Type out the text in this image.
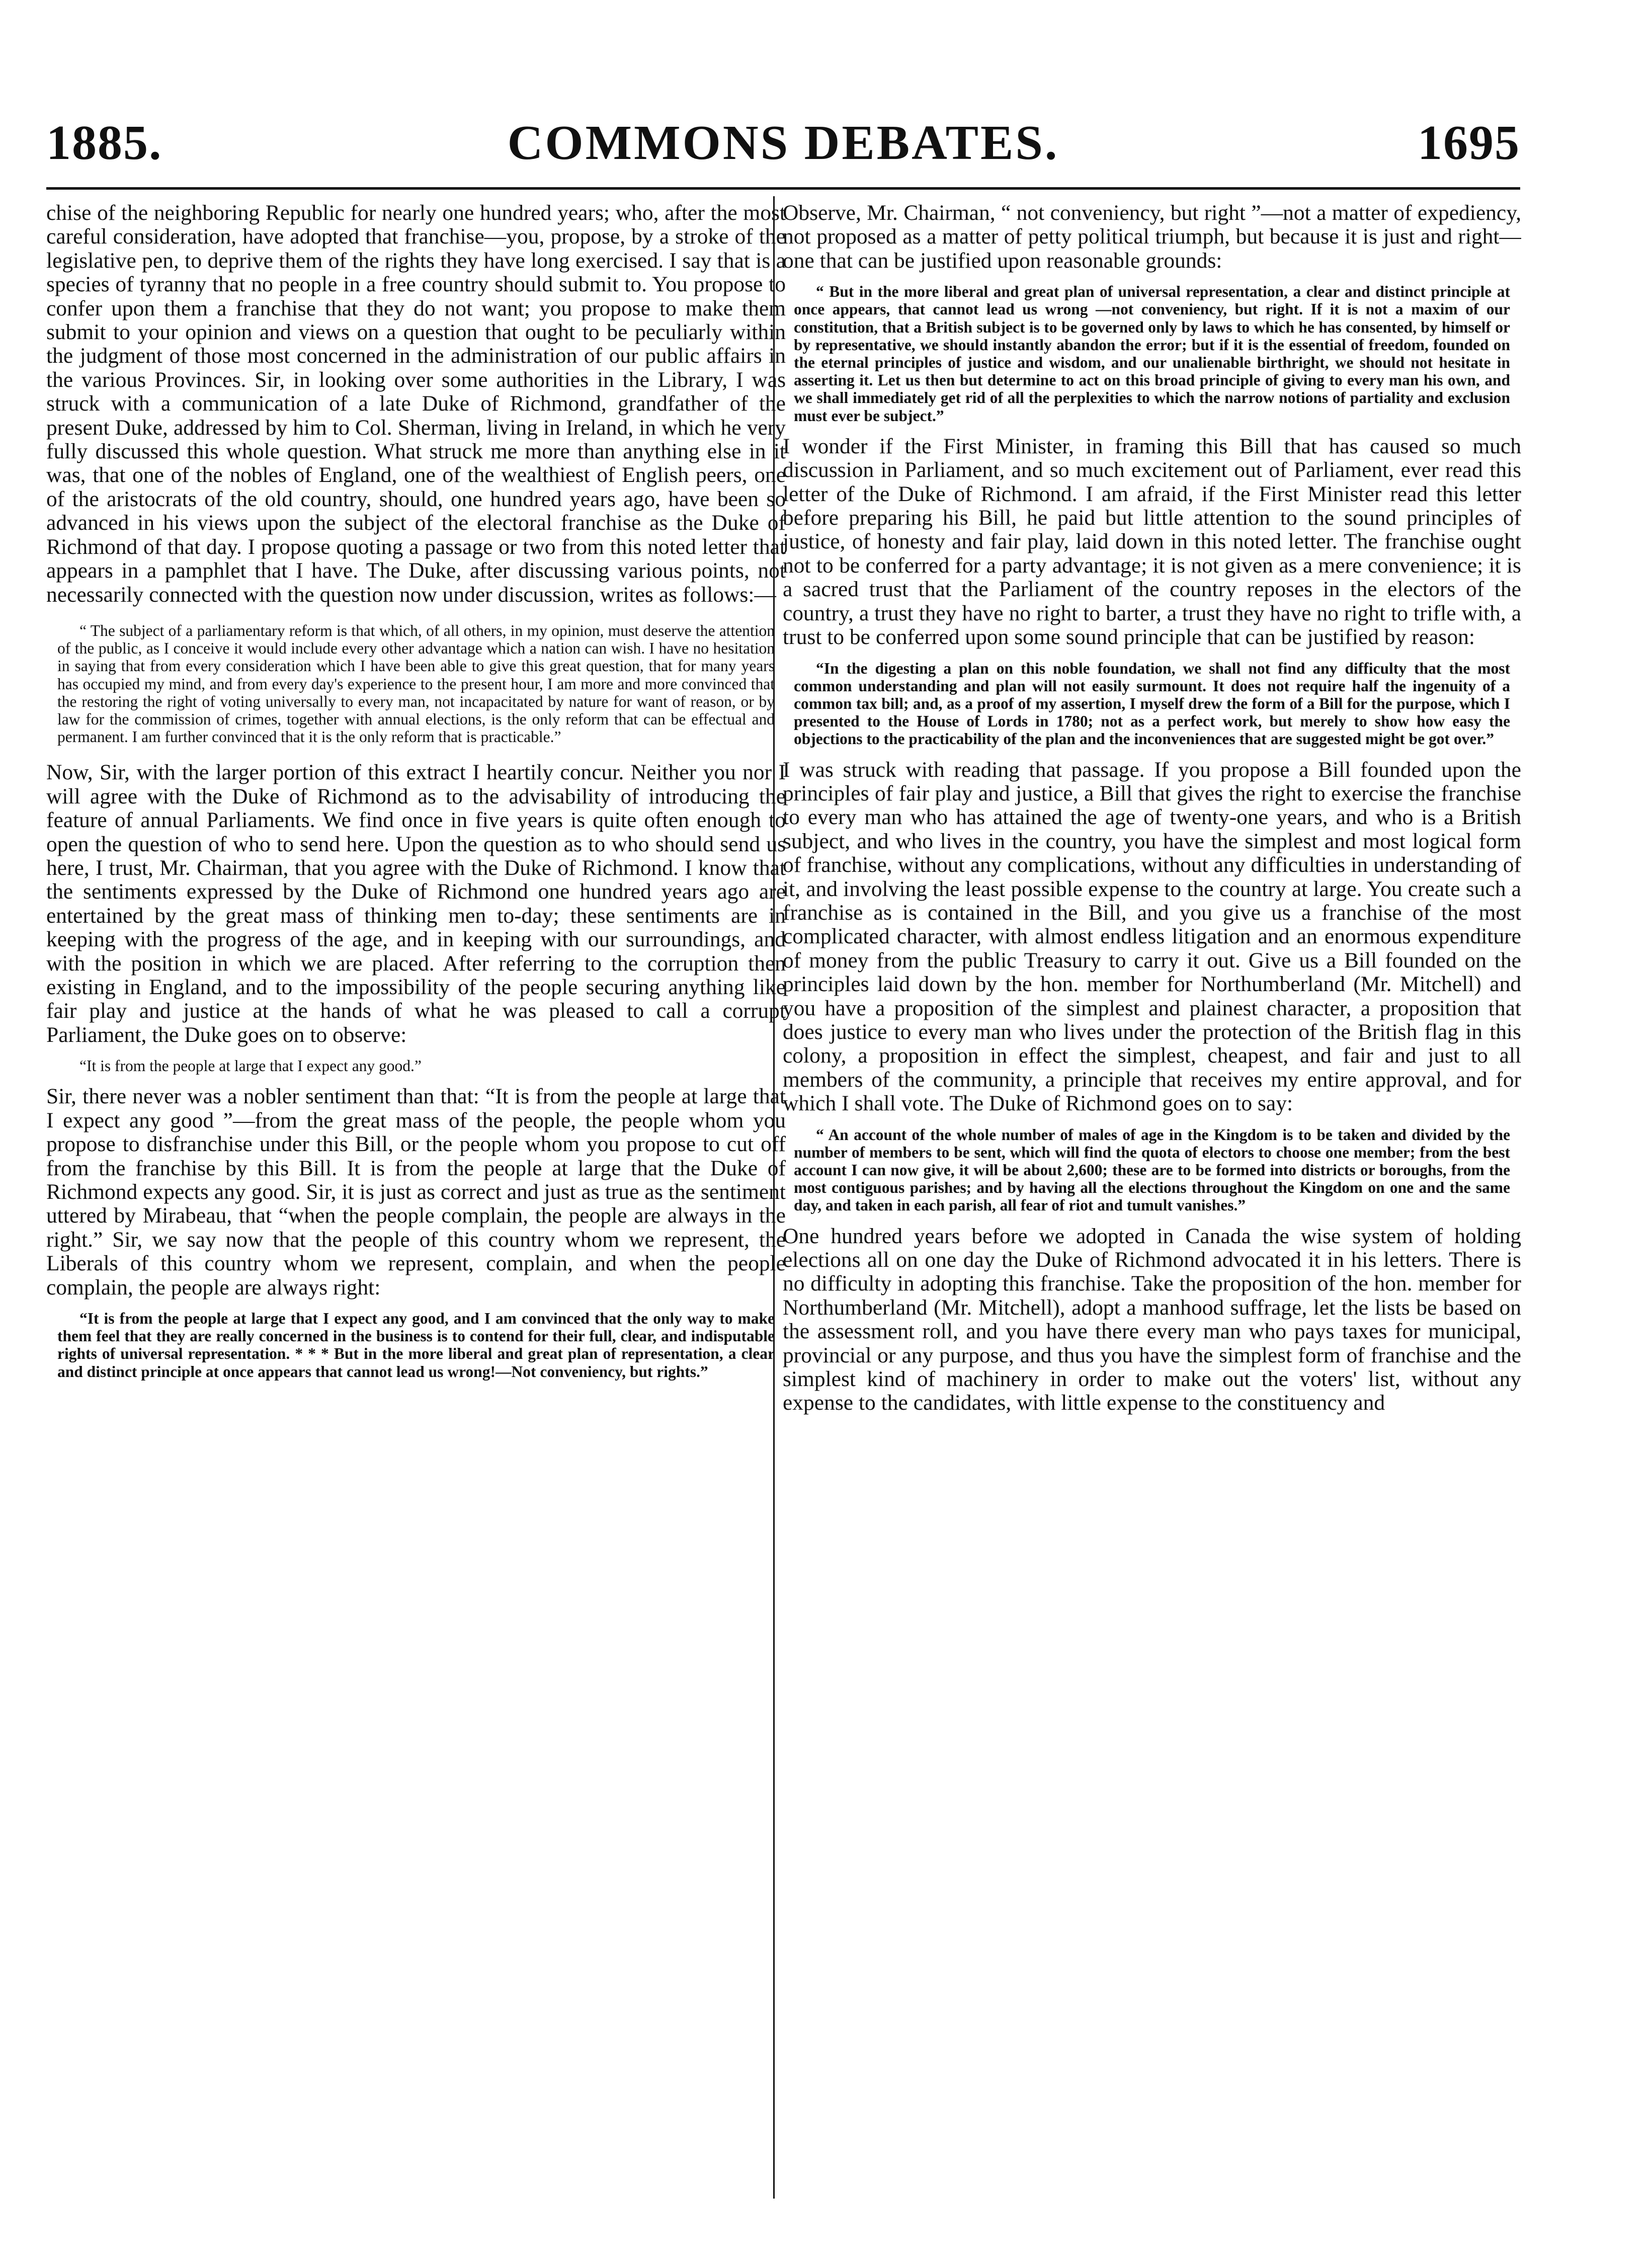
1885.	COMMONS DEBATES.	1695

chise of the neighboring Republic for nearly one hundred years; who, after the most careful consideration, have adopted that franchise—you, propose, by a stroke of the legislative pen, to deprive them of the rights they have long exercised. I say that is a species of tyranny that no people in a free country should submit to. You propose to confer upon them a franchise that they do not want; you propose to make them submit to your opinion and views on a question that ought to be peculiarly within the judgment of those most concerned in the administration of our public affairs in the various Provinces. Sir, in looking over some authorities in the Library, I was struck with a communication of a late Duke of Richmond, grandfather of the present Duke, addressed by him to Col. Sherman, living in Ireland, in which he very fully discussed this whole question. What struck me more than anything else in it was, that one of the nobles of England, one of the wealthiest of English peers, one of the aristocrats of the old country, should, one hundred years ago, have been so advanced in his views upon the subject of the electoral franchise as the Duke of Richmond of that day. I propose quoting a passage or two from this noted letter that appears in a pamphlet that I have. The Duke, after discussing various points, not necessarily connected with the question now under discussion, writes as follows:—

“ The subject of a parliamentary reform is that which, of all others, in my opinion, must deserve the attention of the public, as I conceive it would include every other advantage which a nation can wish. I have no hesitation in saying that from every consideration which I have been able to give this great question, that for many years has occupied my mind, and from every day's experience to the present hour, I am more and more convinced that the restoring the right of voting universally to every man, not incapacitated by nature for want of reason, or by law for the commission of crimes, together with annual elections, is the only reform that can be effectual and permanent. I am further convinced that it is the only reform that is practicable.”

Now, Sir, with the larger portion of this extract I heartily concur. Neither you nor I will agree with the Duke of Richmond as to the advisability of introducing the feature of annual Parliaments. We find once in five years is quite often enough to open the question of who to send here. Upon the question as to who should send us here, I trust, Mr. Chairman, that you agree with the Duke of Richmond. I know that the sentiments expressed by the Duke of Richmond one hundred years ago are entertained by the great mass of thinking men to-day; these sentiments are in keeping with the progress of the age, and in keeping with our surroundings, and with the position in which we are placed. After referring to the corruption then existing in England, and to the impossibility of the people securing anything like fair play and justice at the hands of what he was pleased to call a corrupt Parliament, the Duke goes on to observe:

“It is from the people at large that I expect any good.”

Sir, there never was a nobler sentiment than that: “It is from the people at large that I expect any good ”—from the great mass of the people, the people whom you propose to disfranchise under this Bill, or the people whom you propose to cut off from the franchise by this Bill. It is from the people at large that the Duke of Richmond expects any good. Sir, it is just as correct and just as true as the sentiment uttered by Mirabeau, that “when the people complain, the people are always in the right.” Sir, we say now that the people of this country whom we represent, the Liberals of this country whom we represent, complain, and when the people complain, the people are always right:

“It is from the people at large that I expect any good, and I am convinced that the only way to make them feel that they are really concerned in the business is to contend for their full, clear, and indisputable rights of universal representation. * * * But in the more liberal and great plan of representation, a clear and distinct principle at once appears that cannot lead us wrong!—Not conveniency, but rights.”

Observe, Mr. Chairman, “ not conveniency, but right ”—not a matter of expediency, not proposed as a matter of petty political triumph, but because it is just and right—one that can be justified upon reasonable grounds:

“ But in the more liberal and great plan of universal representation, a clear and distinct principle at once appears, that cannot lead us wrong —not conveniency, but right. If it is not a maxim of our constitution, that a British subject is to be governed only by laws to which he has consented, by himself or by representative, we should instantly abandon the error; but if it is the essential of freedom, founded on the eternal principles of justice and wisdom, and our unalienable birthright, we should not hesitate in asserting it. Let us then but determine to act on this broad principle of giving to every man his own, and we shall immediately get rid of all the perplexities to which the narrow notions of partiality and exclusion must ever be subject.”

I wonder if the First Minister, in framing this Bill that has caused so much discussion in Parliament, and so much excitement out of Parliament, ever read this letter of the Duke of Richmond. I am afraid, if the First Minister read this letter before preparing his Bill, he paid but little attention to the sound principles of justice, of honesty and fair play, laid down in this noted letter. The franchise ought not to be conferred for a party advantage; it is not given as a mere convenience; it is a sacred trust that the Parliament of the country reposes in the electors of the country, a trust they have no right to barter, a trust they have no right to trifle with, a trust to be conferred upon some sound principle that can be justified by reason:

“In the digesting a plan on this noble foundation, we shall not find any difficulty that the most common understanding and plan will not easily surmount. It does not require half the ingenuity of a common tax bill; and, as a proof of my assertion, I myself drew the form of a Bill for the purpose, which I presented to the House of Lords in 1780; not as a perfect work, but merely to show how easy the objections to the practicability of the plan and the inconveniences that are suggested might be got over.”

I was struck with reading that passage. If you propose a Bill founded upon the principles of fair play and justice, a Bill that gives the right to exercise the franchise to every man who has attained the age of twenty-one years, and who is a British subject, and who lives in the country, you have the simplest and most logical form of franchise, without any complications, without any difficulties in understanding of it, and involving the least possible expense to the country at large. You create such a franchise as is contained in the Bill, and you give us a franchise of the most complicated character, with almost endless litigation and an enormous expenditure of money from the public Treasury to carry it out. Give us a Bill founded on the principles laid down by the hon. member for Northumberland (Mr. Mitchell) and you have a proposition of the simplest and plainest character, a proposition that does justice to every man who lives under the protection of the British flag in this colony, a proposition in effect the simplest, cheapest, and fair and just to all members of the community, a principle that receives my entire approval, and for which I shall vote. The Duke of Richmond goes on to say:

“ An account of the whole number of males of age in the Kingdom is to be taken and divided by the number of members to be sent, which will find the quota of electors to choose one member; from the best account I can now give, it will be about 2,600; these are to be formed into districts or boroughs, from the most contiguous parishes; and by having all the elections throughout the Kingdom on one and the same day, and taken in each parish, all fear of riot and tumult vanishes.”

One hundred years before we adopted in Canada the wise system of holding elections all on one day the Duke of Richmond advocated it in his letters. There is no difficulty in adopting this franchise. Take the proposition of the hon. member for Northumberland (Mr. Mitchell), adopt a manhood suffrage, let the lists be based on the assessment roll, and you have there every man who pays taxes for municipal, provincial or any purpose, and thus you have the simplest form of franchise and the simplest kind of machinery in order to make out the voters' list, without any expense to the candidates, with little expense to the constituency and
